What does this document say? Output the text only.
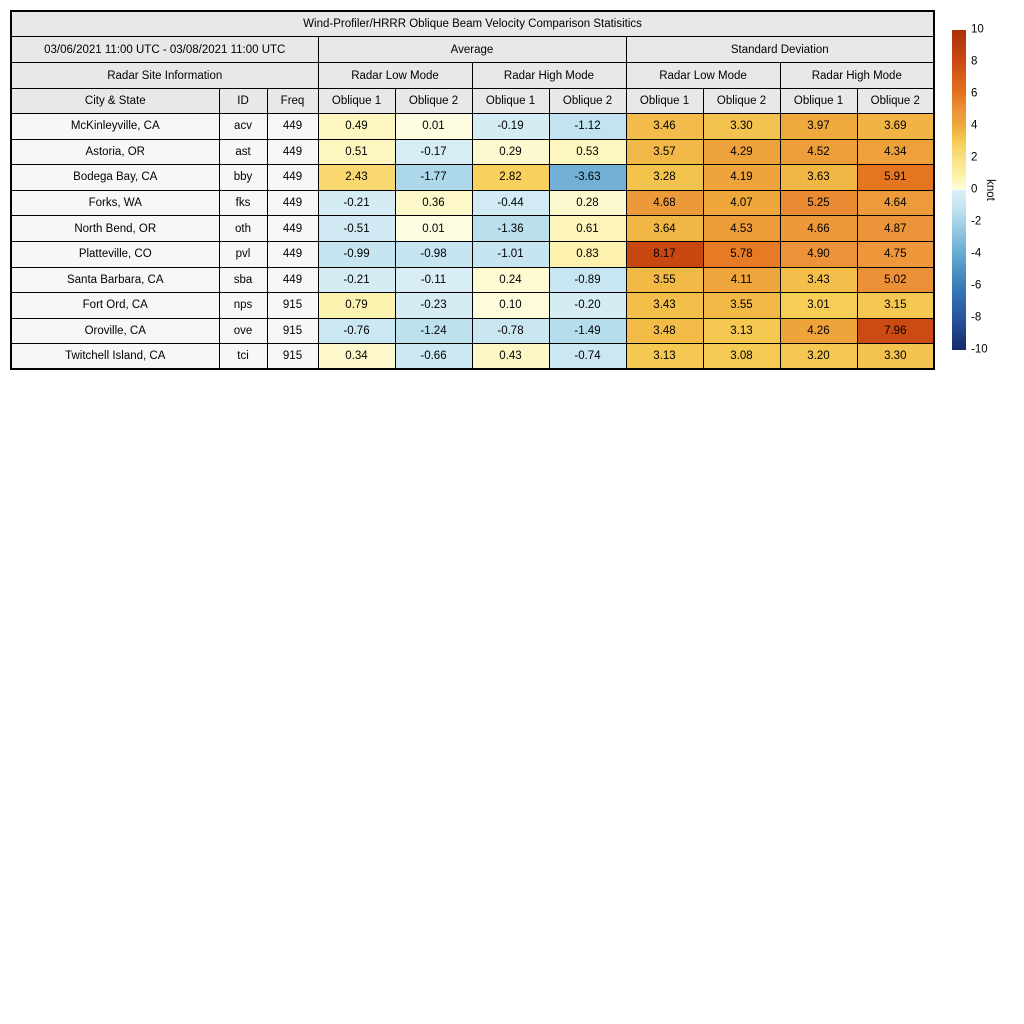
Wind-Profiler/HRRR Oblique Beam Velocity Comparison Statisitics										
03/06/2021 11:00 UTC - 03/08/2021 11:00 UTC			Average				Standard Deviation			
Radar Site Information			Radar Low Mode		Radar High Mode		Radar Low Mode		Radar High Mode	
City & State	ID	Freq	Oblique 1	Oblique 2	Oblique 1	Oblique 2	Oblique 1	Oblique 2	Oblique 1	Oblique 2
McKinleyville, CA	acv	449	0.49	0.01	-0.19	-1.12	3.46	3.30	3.97	3.69
Astoria, OR	ast	449	0.51	-0.17	0.29	0.53	3.57	4.29	4.52	4.34
Bodega Bay, CA	bby	449	2.43	-1.77	2.82	-3.63	3.28	4.19	3.63	5.91
Forks, WA	fks	449	-0.21	0.36	-0.44	0.28	4.68	4.07	5.25	4.64
North Bend, OR	oth	449	-0.51	0.01	-1.36	0.61	3.64	4.53	4.66	4.87
Platteville, CO	pvl	449	-0.99	-0.98	-1.01	0.83	8.17	5.78	4.90	4.75
Santa Barbara, CA	sba	449	-0.21	-0.11	0.24	-0.89	3.55	4.11	3.43	5.02
Fort Ord, CA	nps	915	0.79	-0.23	0.10	-0.20	3.43	3.55	3.01	3.15
Oroville, CA	ove	915	-0.76	-1.24	-0.78	-1.49	3.48	3.13	4.26	7.96
Twitchell Island, CA	tci	915	0.34	-0.66	0.43	-0.74	3.13	3.08	3.20	3.30
10
8
6
4
2
0
-2
-4
-6
-8
-10
knot
